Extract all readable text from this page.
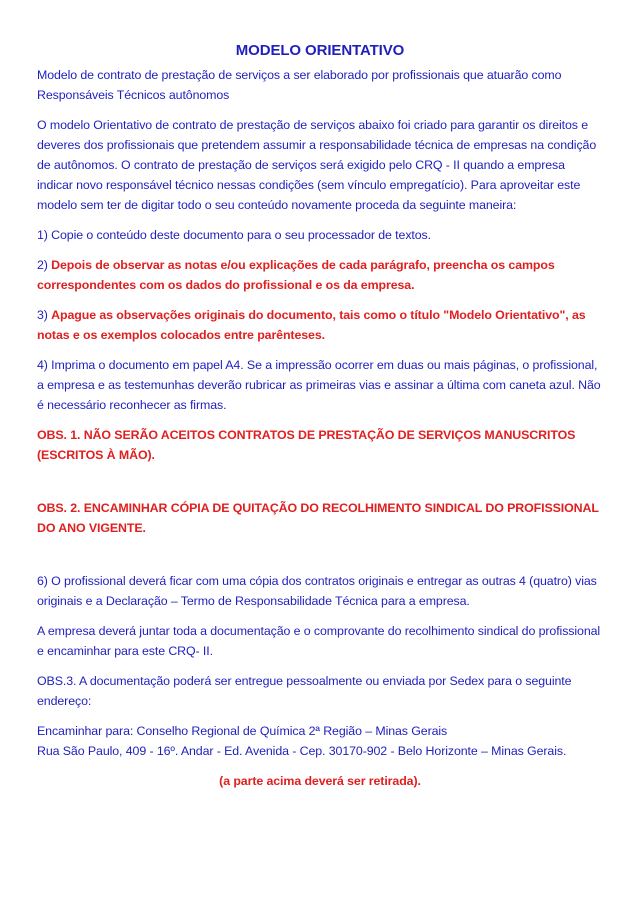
MODELO ORIENTATIVO

Modelo de contrato de prestação de serviços a ser elaborado por profissionais que atuarão como Responsáveis Técnicos autônomos

O modelo Orientativo de contrato de prestação de serviços abaixo foi criado para garantir os direitos e deveres dos profissionais que pretendem assumir a responsabilidade técnica de empresas na condição de autônomos. O contrato de prestação de serviços será exigido pelo CRQ - II quando a empresa indicar novo responsável técnico nessas condições (sem vínculo empregatício). Para aproveitar este modelo sem ter de digitar todo o seu conteúdo novamente proceda da seguinte maneira:

1) Copie o conteúdo deste documento para o seu processador de textos.

2) Depois de observar as notas e/ou explicações de cada parágrafo, preencha os campos correspondentes com os dados do profissional e os da empresa.

3) Apague as observações originais do documento, tais como o título "Modelo Orientativo", as notas e os exemplos colocados entre parênteses.

4) Imprima o documento em papel A4. Se a impressão ocorrer em duas ou mais páginas, o profissional, a empresa e as testemunhas deverão rubricar as primeiras vias e assinar a última com caneta azul. Não é necessário reconhecer as firmas.

OBS. 1. NÃO SERÃO ACEITOS CONTRATOS DE PRESTAÇÃO DE SERVIÇOS MANUSCRITOS (ESCRITOS À MÃO).

OBS. 2. ENCAMINHAR CÓPIA DE QUITAÇÃO DO RECOLHIMENTO SINDICAL DO PROFISSIONAL DO ANO VIGENTE.

6) O profissional deverá ficar com uma cópia dos contratos originais e entregar as outras 4 (quatro) vias originais e a Declaração – Termo de Responsabilidade Técnica para a empresa.

A empresa deverá juntar toda a documentação e o comprovante do recolhimento sindical do profissional e encaminhar para este CRQ- II.

OBS.3. A documentação poderá ser entregue pessoalmente ou enviada por Sedex para o seguinte endereço:

Encaminhar para: Conselho Regional de Química 2ª Região – Minas Gerais

Rua São Paulo, 409 - 16º. Andar - Ed. Avenida - Cep. 30170-902 - Belo Horizonte – Minas Gerais.

(a parte acima deverá ser retirada).
